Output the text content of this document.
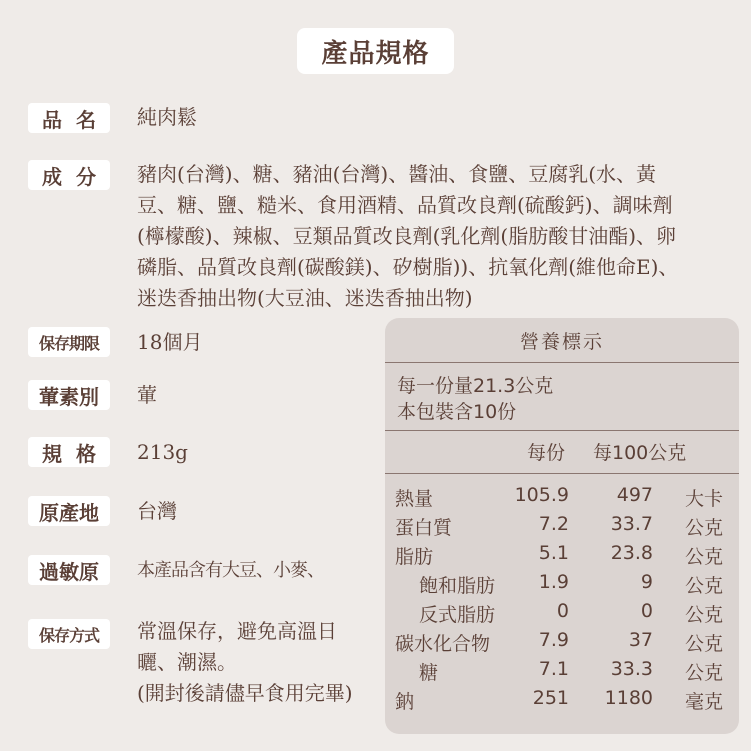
產品規格
品名 純肉鬆
成分 豬肉(台灣)、糖、豬油(台灣)、醬油、食鹽、豆腐乳(水、黃
豆、糖、鹽、糙米、食用酒精、品質改良劑(硫酸鈣)、調味劑
(檸檬酸)、辣椒、豆類品質改良劑(乳化劑(脂肪酸甘油酯)、卵
磷脂、品質改良劑(碳酸鎂)、矽樹脂))、抗氧化劑(維他命E)、
迷迭香抽出物(大豆油、迷迭香抽出物)
保存期限	18個月
葷素別	葷
規格 213g
原產地	台灣
過敏原	本產品含有大豆、小麥、
保存方式	常溫保存，避免高溫日
曬、潮濕。
(開封後請儘早食用完畢)
營養標示
每一份量21.3公克
本包裝含10份
每份 每100公克
熱量	105.9	497 大卡
蛋白質	7.2 33.7 公克
脂肪	5.1 23.8 公克
飽和脂肪 1.9	9 公克
反式脂肪	0	0 公克
碳水化合物	7.9	37 公克
糖	7.1 33.3 公克
鈉	251 1180 毫克
